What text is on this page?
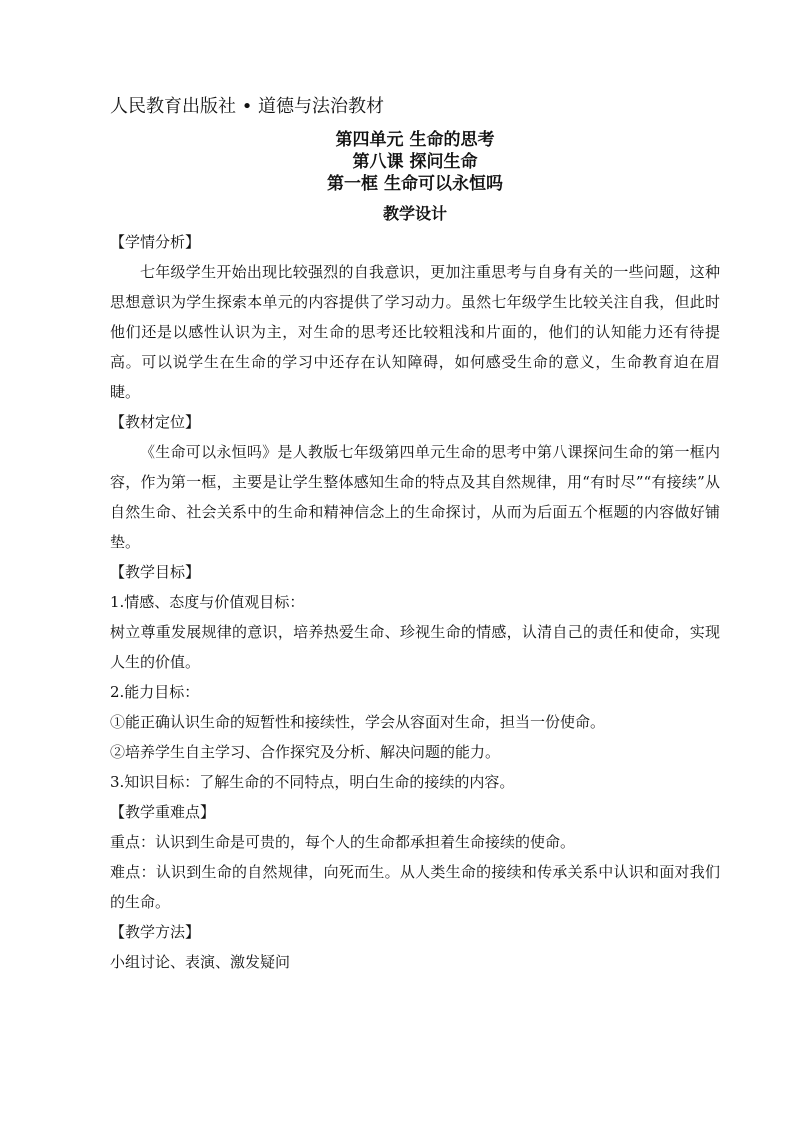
人民教育出版社 • 道德与法治教材
第四单元 生命的思考
第八课 探问生命
第一框 生命可以永恒吗
教学设计
【学情分析】

七年级学生开始出现比较强烈的自我意识，更加注重思考与自身有关的一些问题，这种思想意识为学生探索本单元的内容提供了学习动力。虽然七年级学生比较关注自我，但此时他们还是以感性认识为主，对生命的思考还比较粗浅和片面的，他们的认知能力还有待提高。可以说学生在生命的学习中还存在认知障碍，如何感受生命的意义，生命教育迫在眉睫。

【教材定位】

《生命可以永恒吗》是人教版七年级第四单元生命的思考中第八课探问生命的第一框内容，作为第一框，主要是让学生整体感知生命的特点及其自然规律，用“有时尽”“有接续”从自然生命、社会关系中的生命和精神信念上的生命探讨，从而为后面五个框题的内容做好铺垫。

【教学目标】

1.情感、态度与价值观目标：

树立尊重发展规律的意识，培养热爱生命、珍视生命的情感，认清自己的责任和使命，实现人生的价值。

2.能力目标：

①能正确认识生命的短暂性和接续性，学会从容面对生命，担当一份使命。

②培养学生自主学习、合作探究及分析、解决问题的能力。

3.知识目标：了解生命的不同特点，明白生命的接续的内容。

【教学重难点】

重点：认识到生命是可贵的，每个人的生命都承担着生命接续的使命。

难点：认识到生命的自然规律，向死而生。从人类生命的接续和传承关系中认识和面对我们的生命。

【教学方法】

小组讨论、表演、激发疑问
